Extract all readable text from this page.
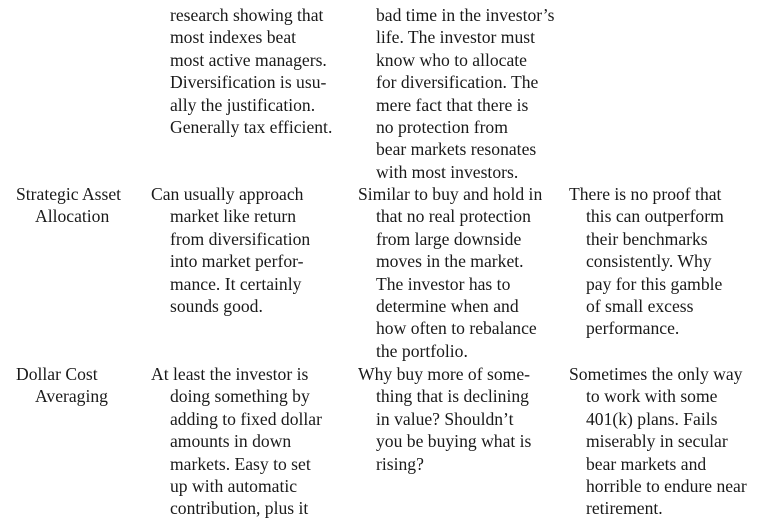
research showing that
most indexes beat
most active managers.
Diversification is usu-
ally the justification.
Generally tax efficient.
bad time in the investor’s
life. The investor must
know who to allocate
for diversification. The
mere fact that there is
no protection from
bear markets resonates
with most investors.
Strategic Asset
Allocation
Can usually approach
market like return
from diversification
into market perfor-
mance. It certainly
sounds good.
Similar to buy and hold in
that no real protection
from large downside
moves in the market.
The investor has to
determine when and
how often to rebalance
the portfolio.
There is no proof that
this can outperform
their benchmarks
consistently. Why
pay for this gamble
of small excess
performance.
Dollar Cost
Averaging
At least the investor is
doing something by
adding to fixed dollar
amounts in down
markets. Easy to set
up with automatic
contribution, plus it
Why buy more of some-
thing that is declining
in value? Shouldn’t
you be buying what is
rising?
Sometimes the only way
to work with some
401(k) plans. Fails
miserably in secular
bear markets and
horrible to endure near
retirement.
